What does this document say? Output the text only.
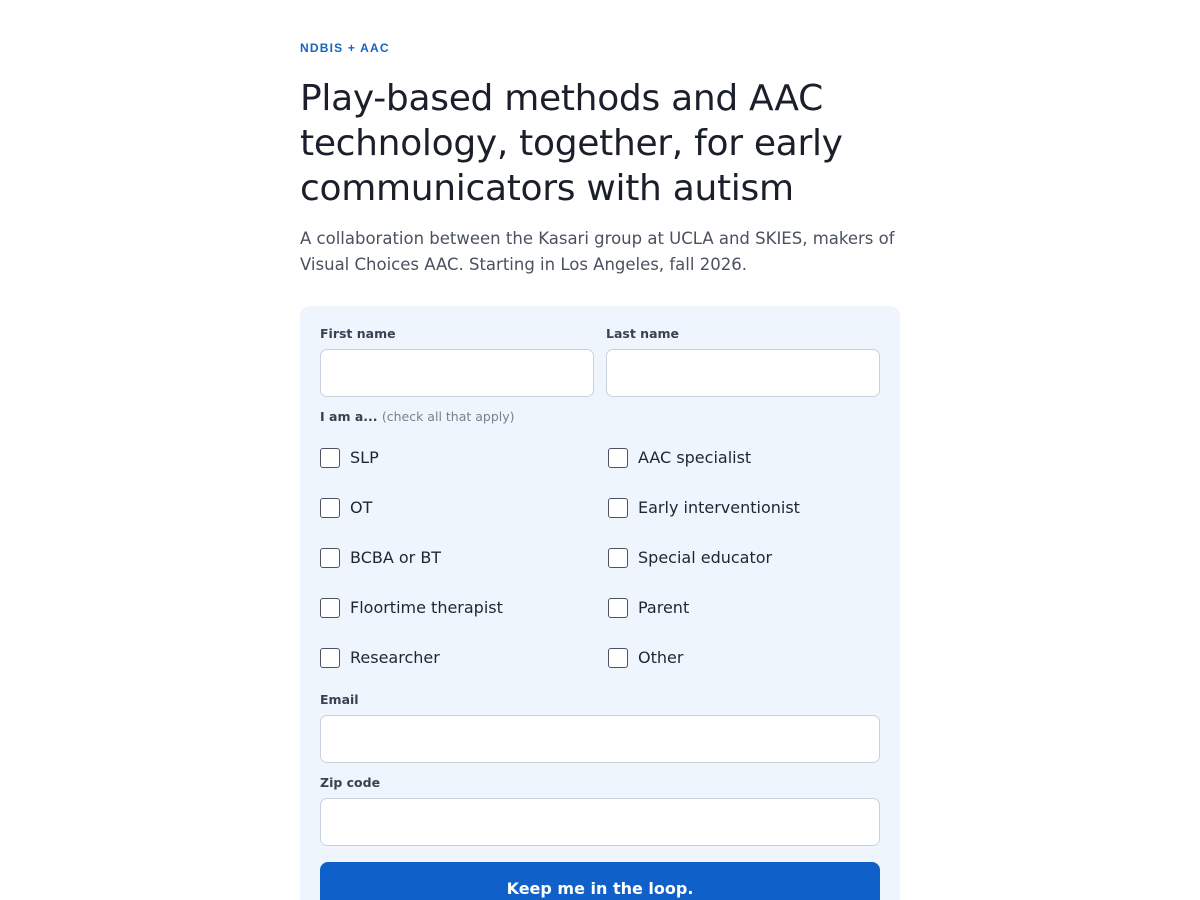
NDBIS + AAC
Play-based methods and AAC technology, together, for early communicators with autism

A collaboration between the Kasari group at UCLA and SKIES, makers of Visual Choices AAC. Starting in Los Angeles, fall 2026.

First name	Last name
I am a... (check all that apply)
SLP	AAC specialist
OT	Early interventionist
BCBA or BT	Special educator
Floortime therapist	Parent
Researcher	Other
Email
Zip code
Keep me in the loop.
